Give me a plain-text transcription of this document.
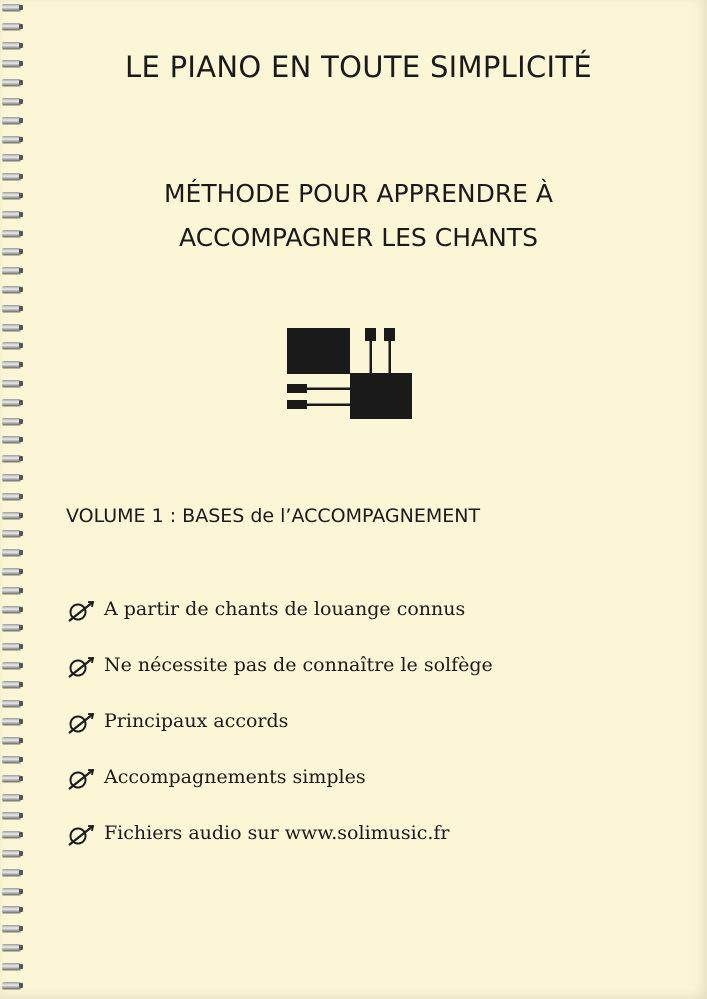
LE PIANO EN TOUTE SIMPLICITÉ
MÉTHODE POUR APPRENDRE À
ACCOMPAGNER LES CHANTS
VOLUME 1 : BASES de l’ACCOMPAGNEMENT
A partir de chants de louange connus
Ne nécessite pas de connaître le solfège
Principaux accords
Accompagnements simples
Fichiers audio sur www.solimusic.fr
